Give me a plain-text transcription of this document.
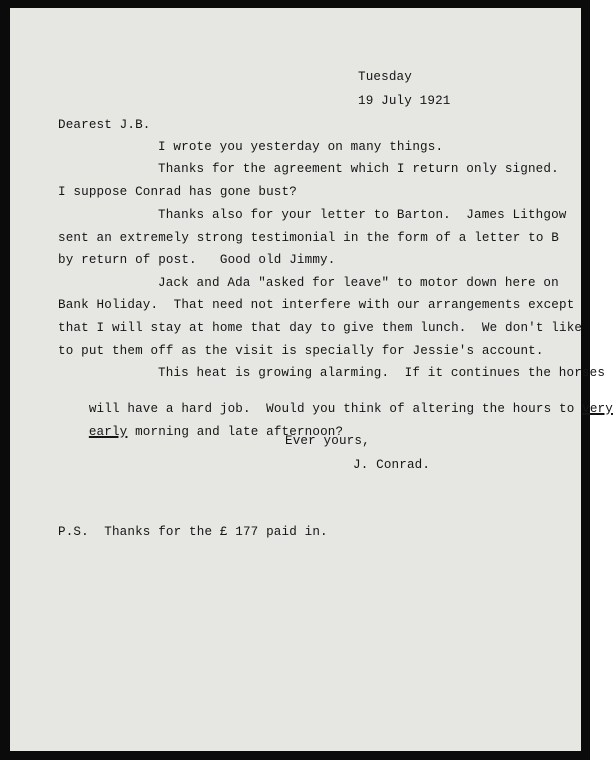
Tuesday
19 July 1921
Dearest J.B.
I wrote you yesterday on many things.
Thanks for the agreement which I return only signed.
I suppose Conrad has gone bust?
Thanks also for your letter to Barton.  James Lithgow
sent an extremely strong testimonial in the form of a letter to B
by return of post.   Good old Jimmy.
Jack and Ada "asked for leave" to motor down here on
Bank Holiday.  That need not interfere with our arrangements except
that I will stay at home that day to give them lunch.  We don't like
to put them off as the visit is specially for Jessie's account.
This heat is growing alarming.  If it continues the horses

will have a hard job.  Would you think of altering the hours to very

early morning and late afternoon?

Ever yours,
J. Conrad.
P.S.  Thanks for the £ 177 paid in.
